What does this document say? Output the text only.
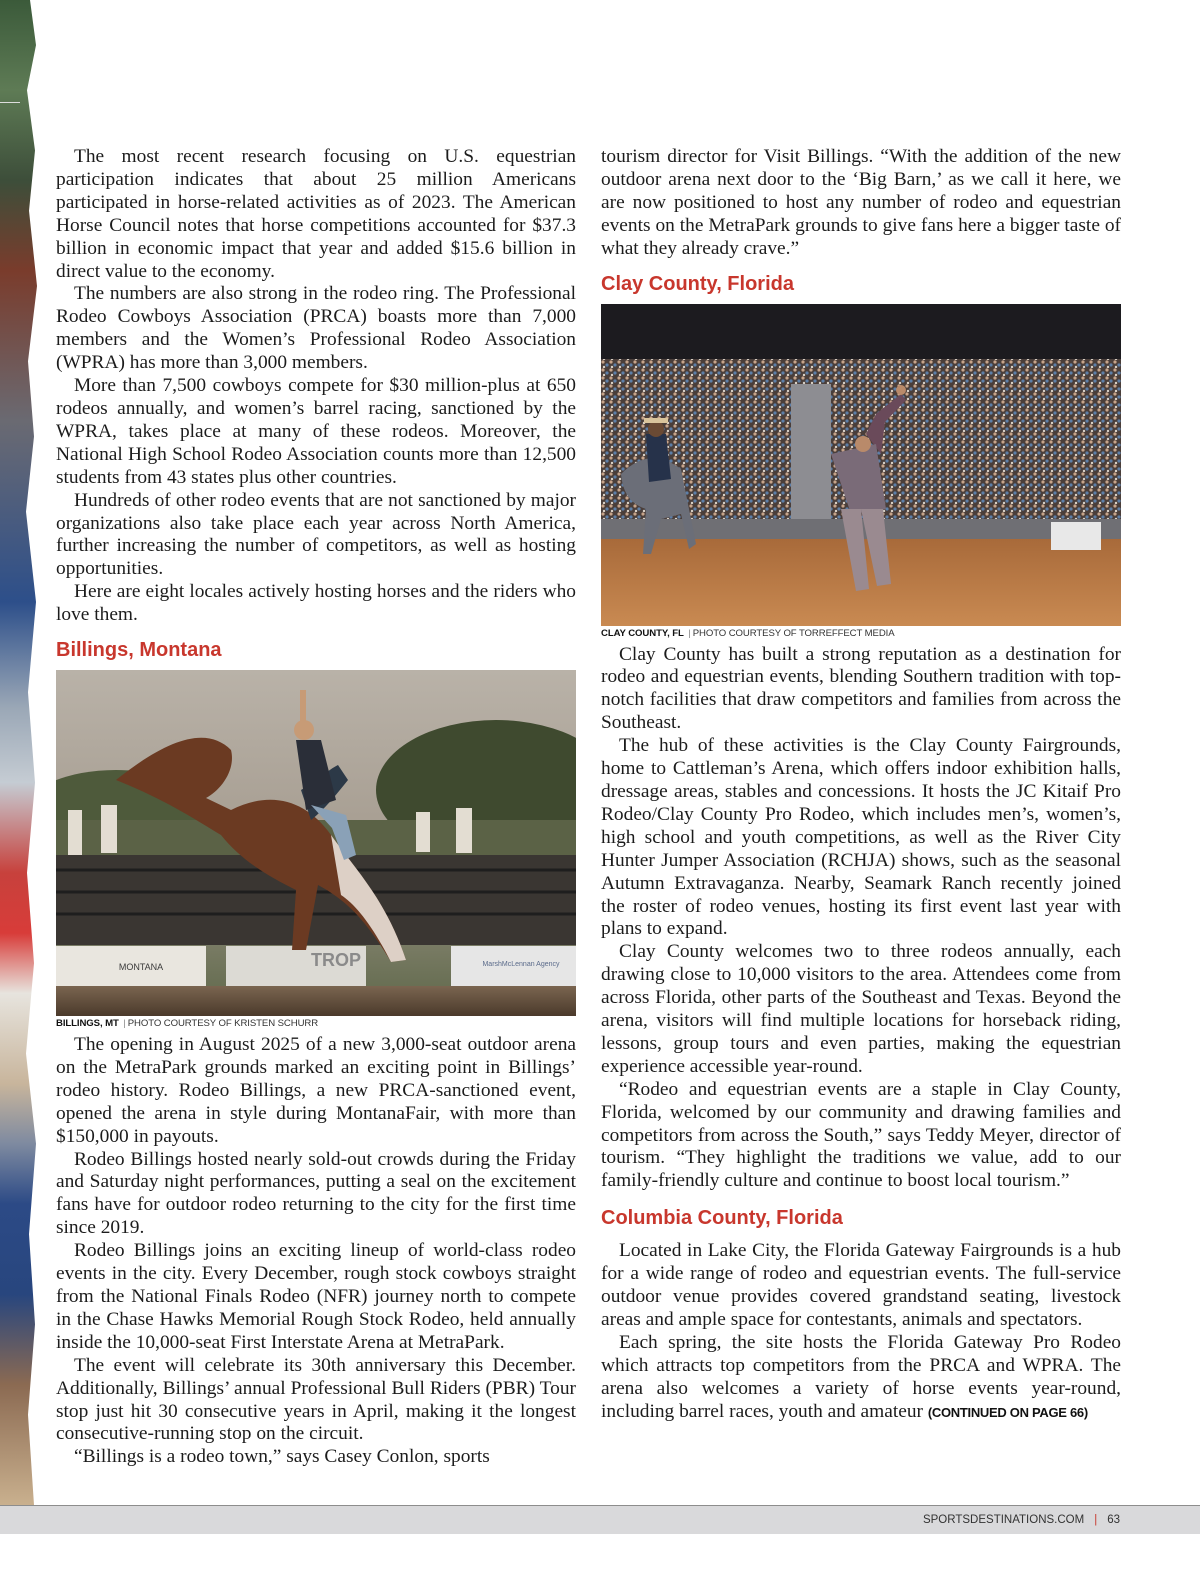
The most recent research focusing on U.S. equestrian participation indicates that about 25 million Americans participated in horse-related activities as of 2023. The American Horse Council notes that horse competitions accounted for $37.3 billion in economic impact that year and added $15.6 billion in direct value to the economy.

The numbers are also strong in the rodeo ring. The Professional Rodeo Cowboys Association (PRCA) boasts more than 7,000 members and the Women’s Professional Rodeo Association (WPRA) has more than 3,000 members.

More than 7,500 cowboys compete for $30 million-plus at 650 rodeos annually, and women’s barrel racing, sanctioned by the WPRA, takes place at many of these rodeos. Moreover, the National High School Rodeo Association counts more than 12,500 students from 43 states plus other countries.

Hundreds of other rodeo events that are not sanctioned by major organizations also take place each year across North America, further increasing the number of competitors, as well as hosting opportunities.

Here are eight locales actively hosting horses and the riders who love them.

Billings, Montana
MONTANA	TROP	MarshMcLennan Agency
BILLINGS, MT | PHOTO COURTESY OF KRISTEN SCHURR

The opening in August 2025 of a new 3,000-seat outdoor arena on the MetraPark grounds marked an exciting point in Billings’ rodeo history. Rodeo Billings, a new PRCA-sanctioned event, opened the arena in style during MontanaFair, with more than $150,000 in payouts.

Rodeo Billings hosted nearly sold-out crowds during the Friday and Saturday night performances, putting a seal on the excitement fans have for outdoor rodeo returning to the city for the first time since 2019.

Rodeo Billings joins an exciting lineup of world-class rodeo events in the city. Every December, rough stock cowboys straight from the National Finals Rodeo (NFR) journey north to compete in the Chase Hawks Memorial Rough Stock Rodeo, held annually inside the 10,000-seat First Interstate Arena at MetraPark.

The event will celebrate its 30th anniversary this December. Additionally, Billings’ annual Professional Bull Riders (PBR) Tour stop just hit 30 consecutive years in April, making it the longest consecutive-running stop on the circuit.

“Billings is a rodeo town,” says Casey Conlon, sports

tourism director for Visit Billings. “With the addition of the new outdoor arena next door to the ‘Big Barn,’ as we call it here, we are now positioned to host any number of rodeo and equestrian events on the MetraPark grounds to give fans here a bigger taste of what they already crave.”

Clay County, Florida
CLAY COUNTY, FL | PHOTO COURTESY OF TORREFFECT MEDIA

Clay County has built a strong reputation as a destination for rodeo and equestrian events, blending Southern tradition with top-notch facilities that draw competitors and families from across the Southeast.

The hub of these activities is the Clay County Fairgrounds, home to Cattleman’s Arena, which offers indoor exhibition halls, dressage areas, stables and concessions. It hosts the JC Kitaif Pro Rodeo/Clay County Pro Rodeo, which includes men’s, women’s, high school and youth competitions, as well as the River City Hunter Jumper Association (RCHJA) shows, such as the seasonal Autumn Extravaganza. Nearby, Seamark Ranch recently joined the roster of rodeo venues, hosting its first event last year with plans to expand.

Clay County welcomes two to three rodeos annually, each drawing close to 10,000 visitors to the area. Attendees come from across Florida, other parts of the Southeast and Texas. Beyond the arena, visitors will find multiple locations for horseback riding, lessons, group tours and even parties, making the equestrian experience accessible year-round.

“Rodeo and equestrian events are a staple in Clay County, Florida, welcomed by our community and drawing families and competitors from across the South,” says Teddy Meyer, director of tourism. “They highlight the traditions we value, add to our family-friendly culture and continue to boost local tourism.”

Columbia County, Florida

Located in Lake City, the Florida Gateway Fairgrounds is a hub for a wide range of rodeo and equestrian events. The full-service outdoor venue provides covered grandstand seating, livestock areas and ample space for contestants, animals and spectators.

Each spring, the site hosts the Florida Gateway Pro Rodeo which attracts top competitors from the PRCA and WPRA. The arena also welcomes a variety of horse events year-round, including barrel races, youth and amateur (CONTINUED ON PAGE 66)

SPORTSDESTINATIONS.COM | 63
